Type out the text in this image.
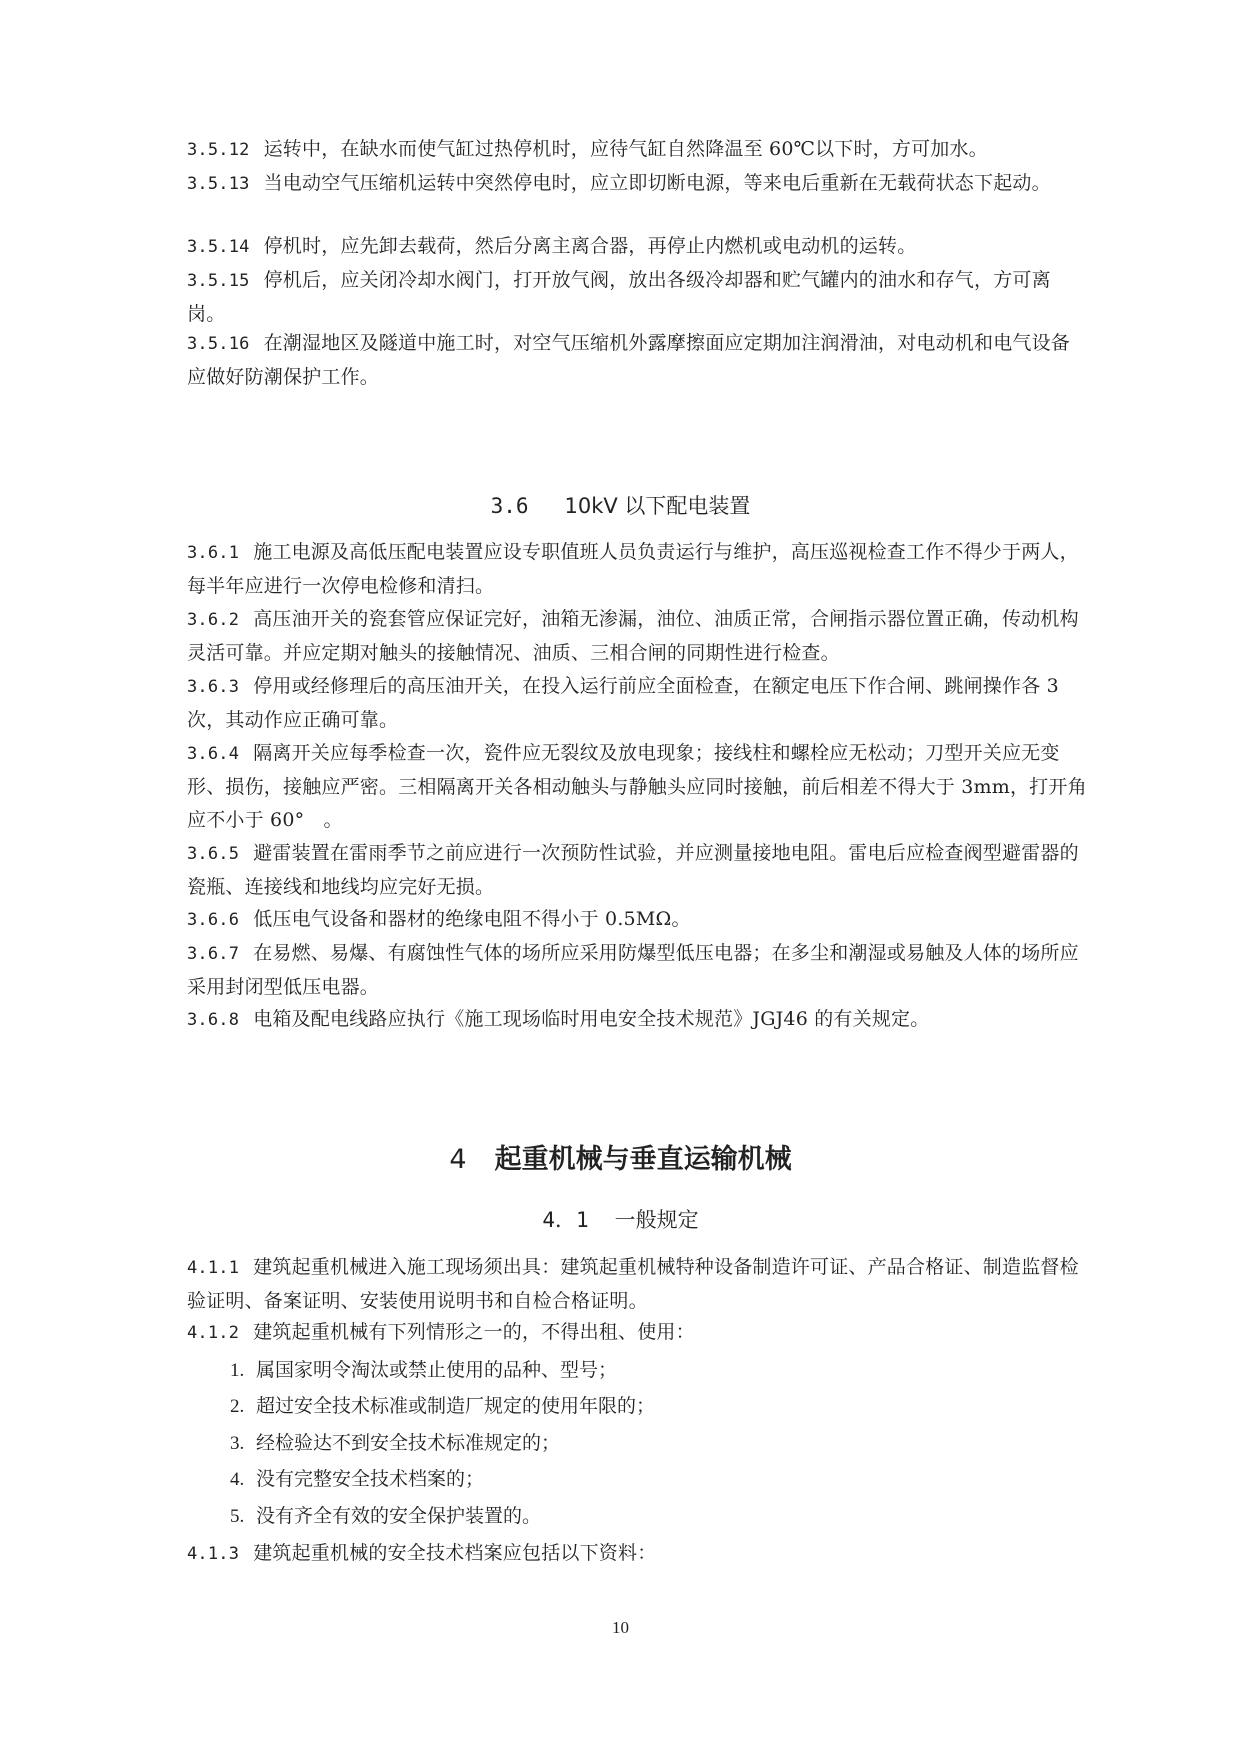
3.5.12 运转中，在缺水而使气缸过热停机时，应待气缸自然降温至 60℃以下时，方可加水。

3.5.13 当电动空气压缩机运转中突然停电时，应立即切断电源，等来电后重新在无载荷状态下起动。

3.5.14 停机时，应先卸去载荷，然后分离主离合器，再停止内燃机或电动机的运转。

3.5.15 停机后，应关闭冷却水阀门，打开放气阀，放出各级冷却器和贮气罐内的油水和存气，方可离岗。

3.5.16 在潮湿地区及隧道中施工时，对空气压缩机外露摩擦面应定期加注润滑油，对电动机和电气设备应做好防潮保护工作。

3.6 10kV 以下配电装置

3.6.1 施工电源及高低压配电装置应设专职值班人员负责运行与维护，高压巡视检查工作不得少于两人，每半年应进行一次停电检修和清扫。

3.6.2 高压油开关的瓷套管应保证完好，油箱无渗漏，油位、油质正常，合闸指示器位置正确，传动机构灵活可靠。并应定期对触头的接触情况、油质、三相合闸的同期性进行检查。

3.6.3 停用或经修理后的高压油开关，在投入运行前应全面检查，在额定电压下作合闸、跳闸操作各 3 次，其动作应正确可靠。

3.6.4 隔离开关应每季检查一次，瓷件应无裂纹及放电现象；接线柱和螺栓应无松动；刀型开关应无变形、损伤，接触应严密。三相隔离开关各相动触头与静触头应同时接触，前后相差不得大于 3mm，打开角应不小于 60°　。

3.6.5 避雷装置在雷雨季节之前应进行一次预防性试验，并应测量接地电阻。雷电后应检查阀型避雷器的瓷瓶、连接线和地线均应完好无损。

3.6.6 低压电气设备和器材的绝缘电阻不得小于 0.5MΩ。

3.6.7 在易燃、易爆、有腐蚀性气体的场所应采用防爆型低压电器；在多尘和潮湿或易触及人体的场所应采用封闭型低压电器。

3.6.8 电箱及配电线路应执行《施工现场临时用电安全技术规范》JGJ46 的有关规定。

4 起重机械与垂直运输机械
4．1 一般规定

4.1.1 建筑起重机械进入施工现场须出具：建筑起重机械特种设备制造许可证、产品合格证、制造监督检验证明、备案证明、安装使用说明书和自检合格证明。

4.1.2 建筑起重机械有下列情形之一的，不得出租、使用：

1. 属国家明令淘汰或禁止使用的品种、型号；
2. 超过安全技术标准或制造厂规定的使用年限的；
3. 经检验达不到安全技术标准规定的；
4. 没有完整安全技术档案的；
5. 没有齐全有效的安全保护装置的。

4.1.3 建筑起重机械的安全技术档案应包括以下资料：

10
